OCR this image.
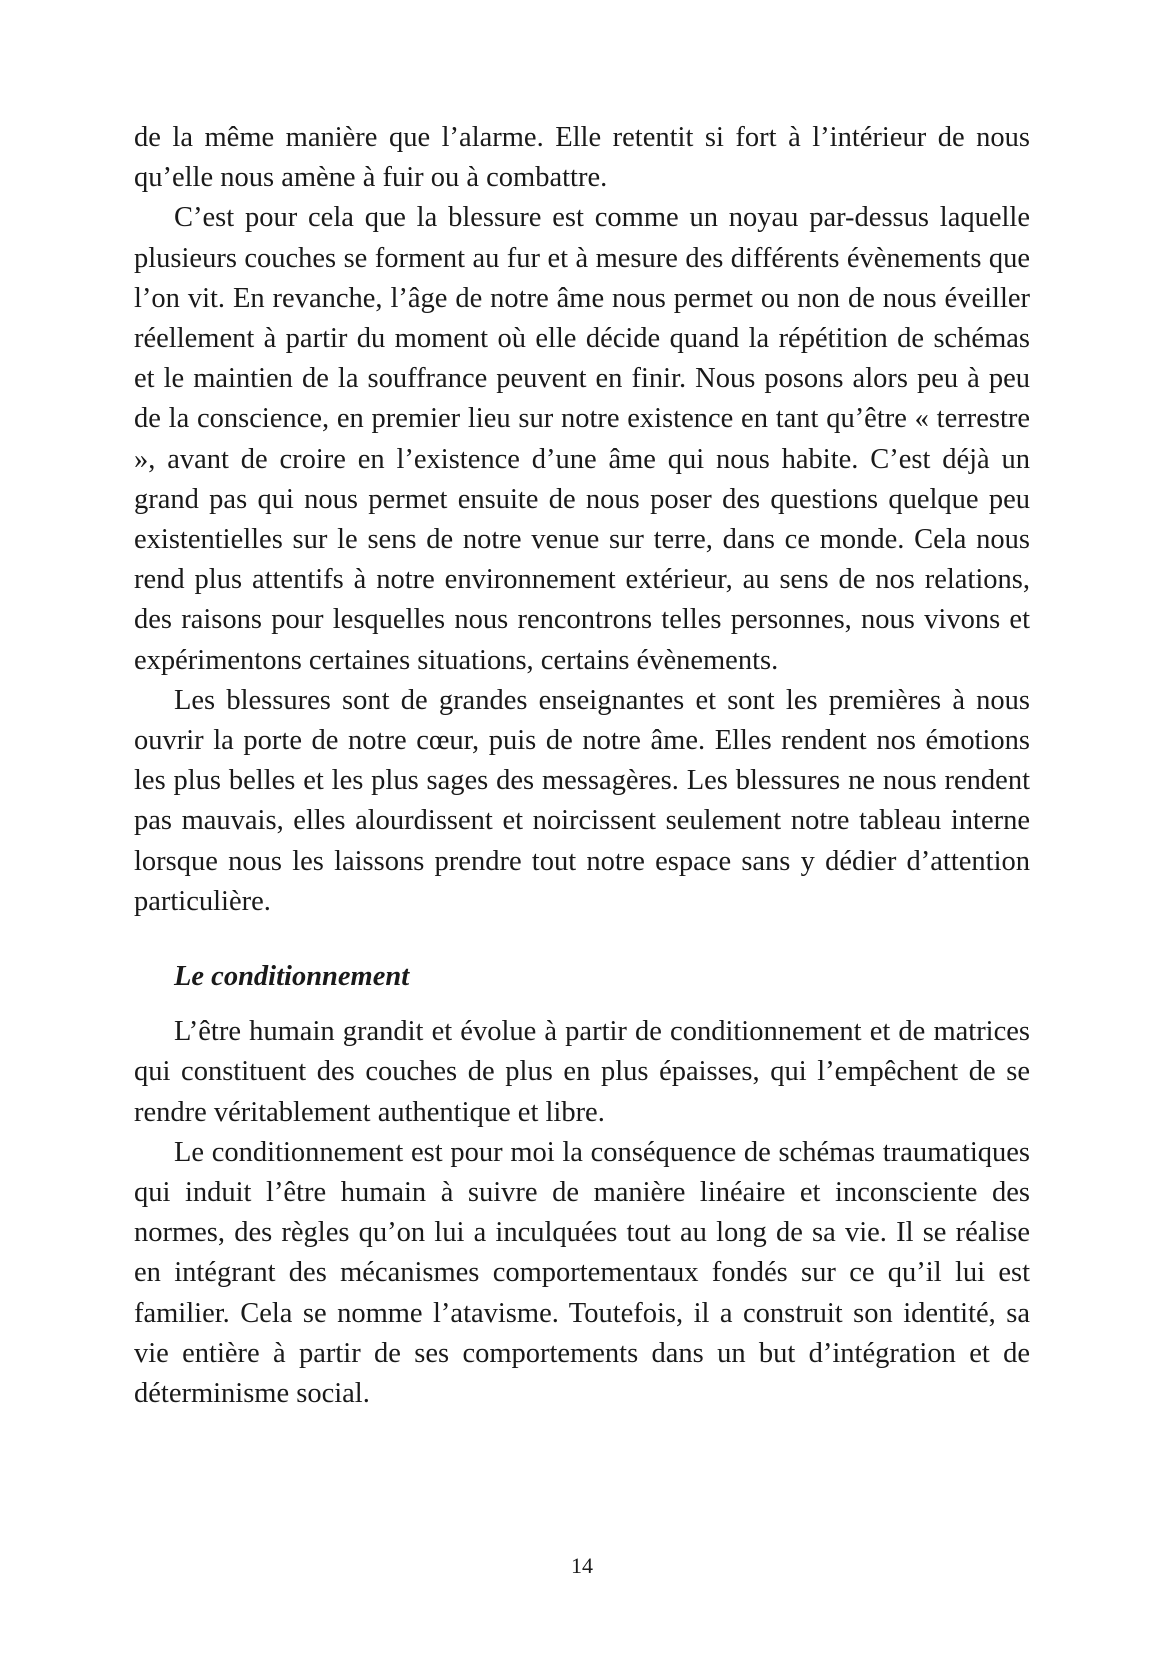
de la même manière que l’alarme. Elle retentit si fort à l’intérieur de nous qu’elle nous amène à fuir ou à combattre.

C’est pour cela que la blessure est comme un noyau par-dessus laquelle plusieurs couches se forment au fur et à mesure des différents évènements que l’on vit. En revanche, l’âge de notre âme nous permet ou non de nous éveiller réellement à partir du moment où elle décide quand la répétition de schémas et le maintien de la souffrance peuvent en finir. Nous posons alors peu à peu de la conscience, en premier lieu sur notre existence en tant qu’être « terrestre », avant de croire en l’existence d’une âme qui nous habite. C’est déjà un grand pas qui nous permet ensuite de nous poser des questions quelque peu existentielles sur le sens de notre venue sur terre, dans ce monde. Cela nous rend plus attentifs à notre environnement extérieur, au sens de nos relations, des raisons pour lesquelles nous rencontrons telles personnes, nous vivons et expérimentons certaines situations, certains évènements.

Les blessures sont de grandes enseignantes et sont les premières à nous ouvrir la porte de notre cœur, puis de notre âme. Elles rendent nos émotions les plus belles et les plus sages des messagères. Les blessures ne nous rendent pas mauvais, elles alourdissent et noircissent seulement notre tableau interne lorsque nous les laissons prendre tout notre espace sans y dédier d’attention particulière.

Le conditionnement

L’être humain grandit et évolue à partir de conditionnement et de matrices qui constituent des couches de plus en plus épaisses, qui l’empêchent de se rendre véritablement authentique et libre.

Le conditionnement est pour moi la conséquence de schémas traumatiques qui induit l’être humain à suivre de manière linéaire et inconsciente des normes, des règles qu’on lui a inculquées tout au long de sa vie. Il se réalise en intégrant des mécanismes comportementaux fondés sur ce qu’il lui est familier. Cela se nomme l’atavisme. Toutefois, il a construit son identité, sa vie entière à partir de ses comportements dans un but d’intégration et de déterminisme social.

14
